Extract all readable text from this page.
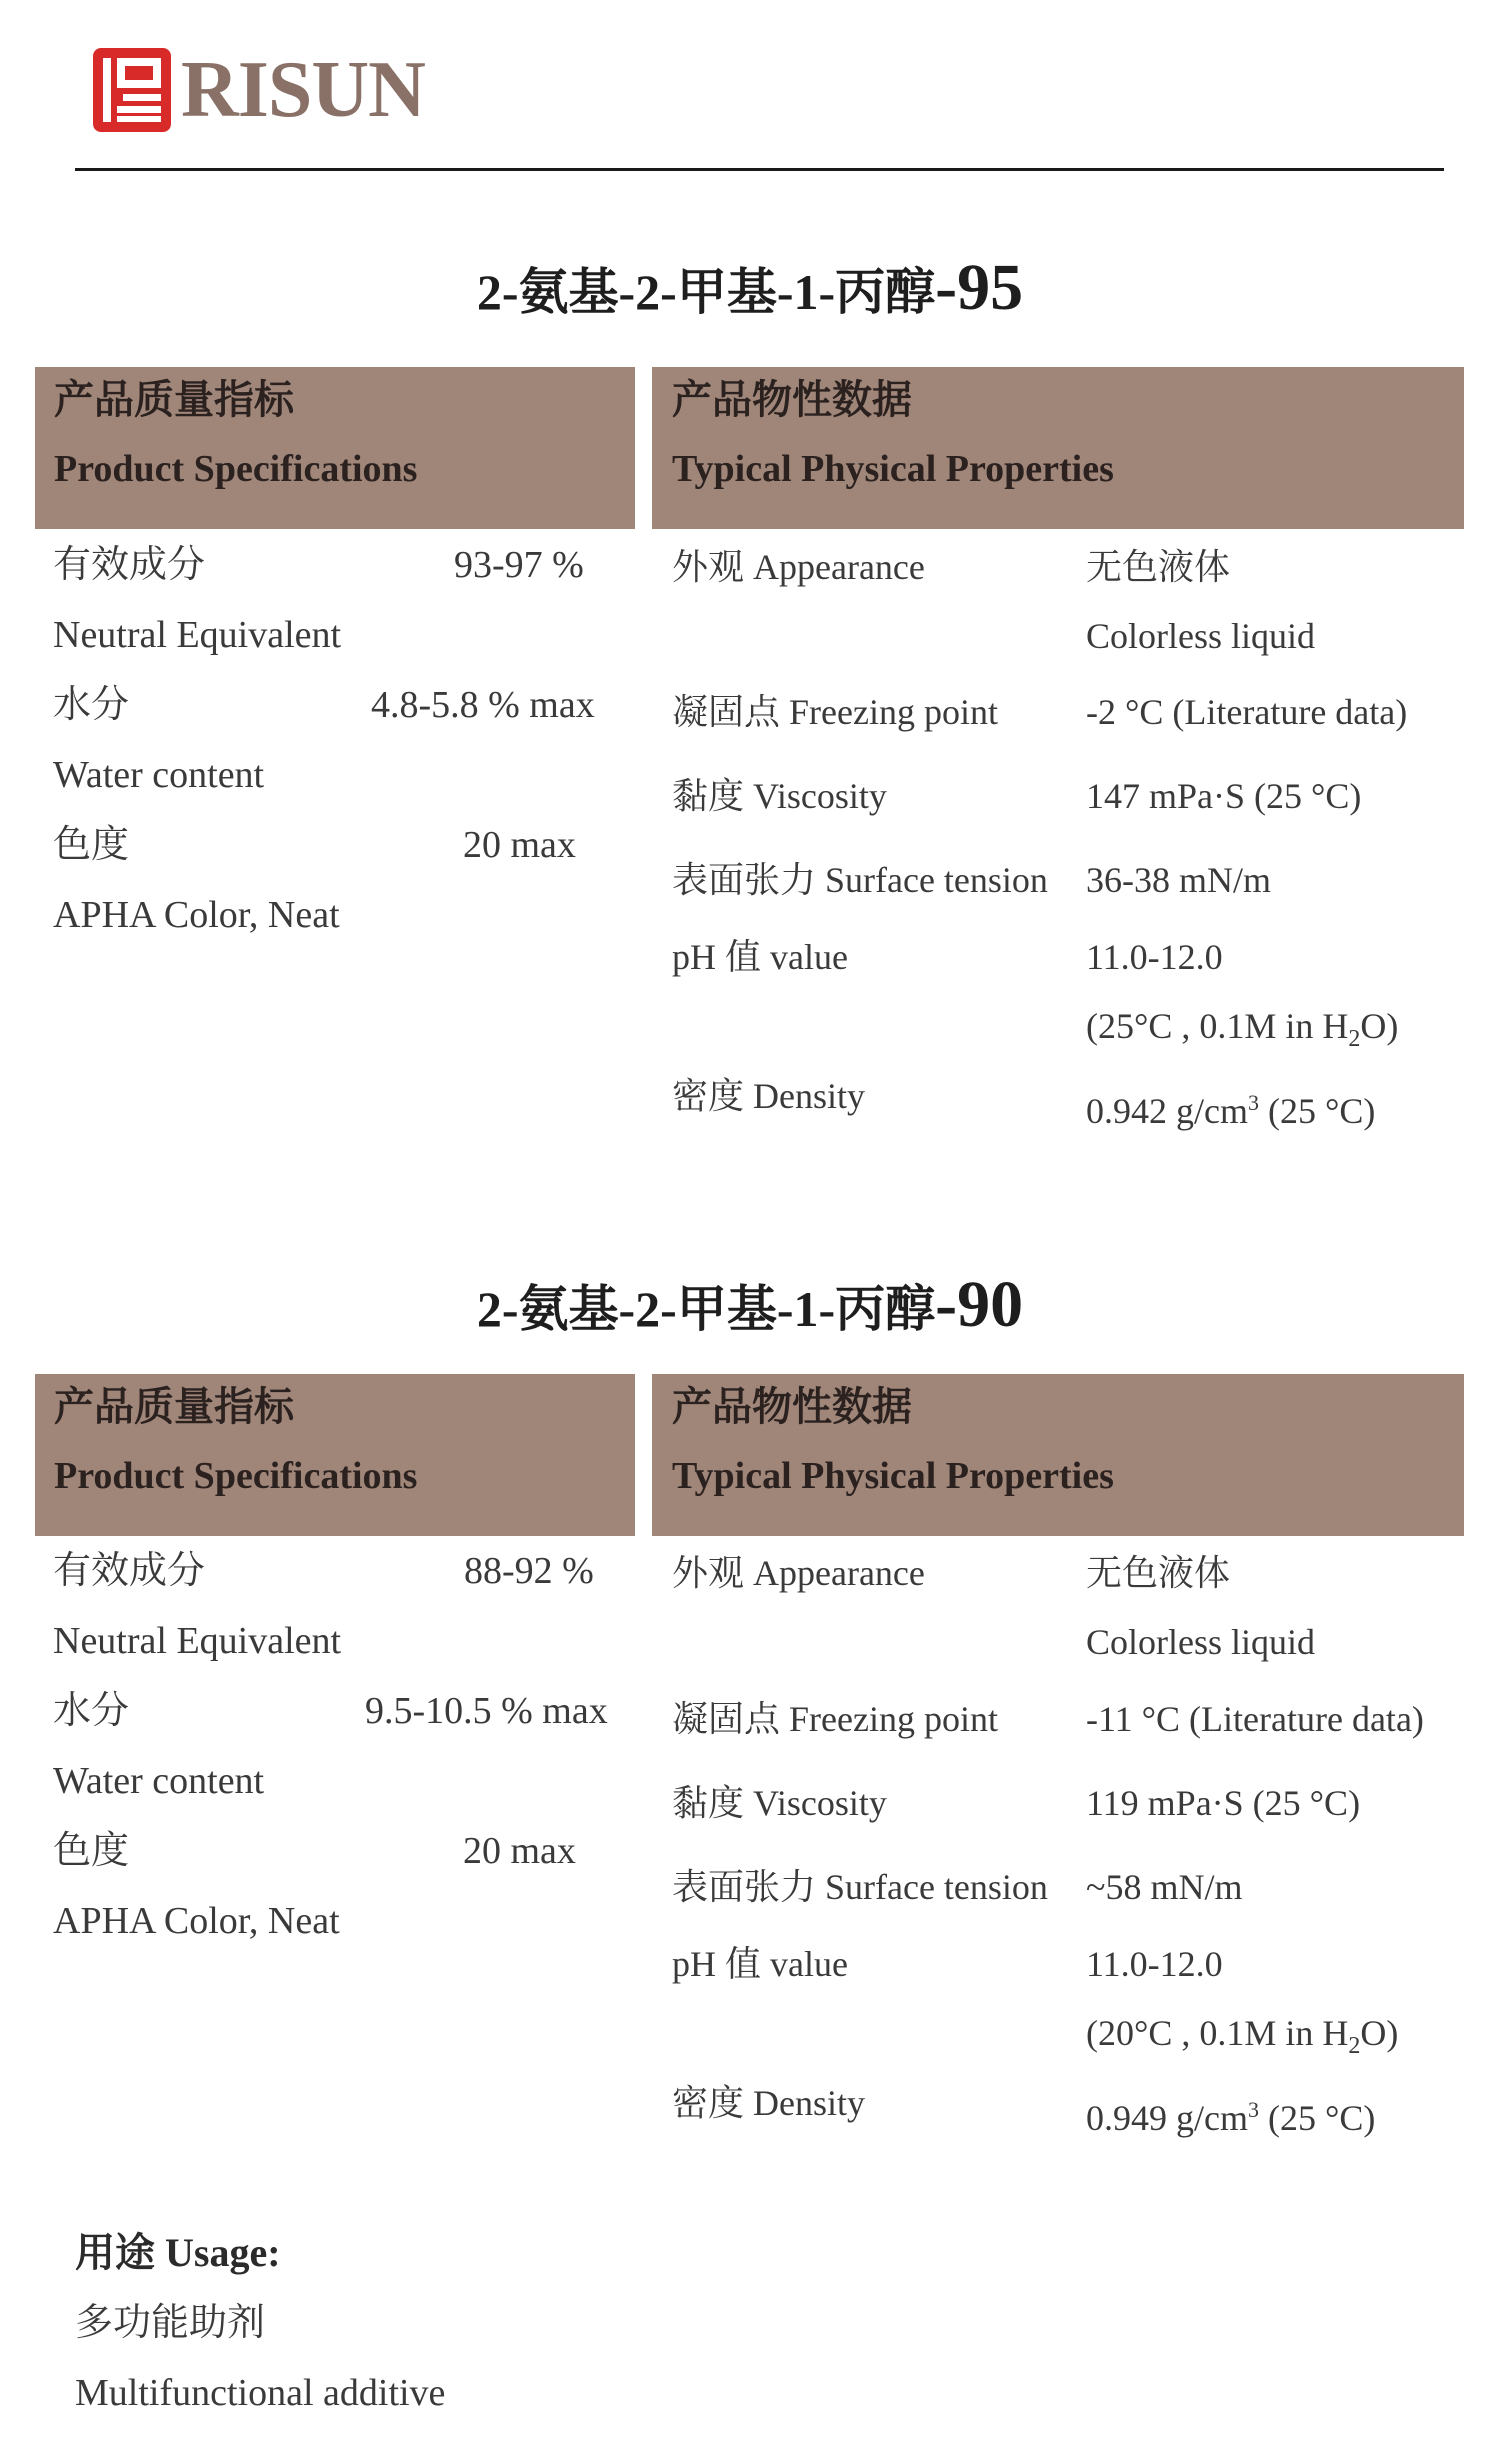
RISUN
2-氨基-2-甲基-1-丙醇-95
产品质量指标
Product Specifications
产品物性数据
Typical Physical Properties
有效成分	93-97 %
Neutral Equivalent
水分	4.8-5.8 % max
Water content
色度	20 max
APHA Color, Neat
外观 Appearance	无色液体
Colorless liquid
凝固点 Freezing point -2 °C (Literature data)
黏度 Viscosity	147 mPa·S (25 °C)
表面张力 Surface tension 36-38 mN/m
pH 值 value	11.0-12.0
(25°C , 0.1M in $H_2O$)
密度 Density	0.942 $g/cm^3$ (25 °C)
2-氨基-2-甲基-1-丙醇-90
产品质量指标
Product Specifications
产品物性数据
Typical Physical Properties
有效成分	88-92 %
Neutral Equivalent
水分	9.5-10.5 % max
Water content
色度	20 max
APHA Color, Neat
外观 Appearance	无色液体
Colorless liquid
凝固点 Freezing point -11 °C (Literature data)
黏度 Viscosity	119 mPa·S (25 °C)
表面张力 Surface tension ~58 mN/m
pH 值 value	11.0-12.0
(20°C , 0.1M in $H_2O$)
密度 Density	0.949 $g/cm^3$ (25 °C)
用途 Usage:
多功能助剂
Multifunctional additive
